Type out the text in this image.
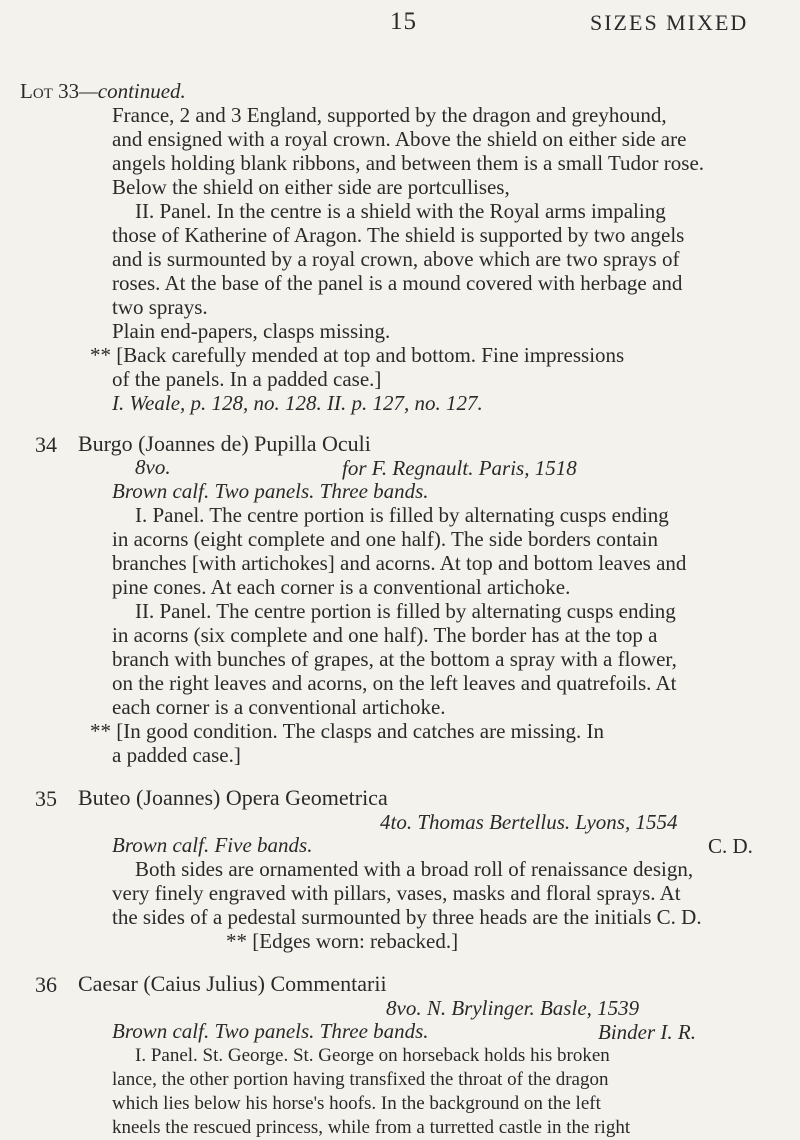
15	SIZES MIXED
Lot 33—continued.
France, 2 and 3 England, supported by the dragon and greyhound,
and ensigned with a royal crown. Above the shield on either side are
angels holding blank ribbons, and between them is a small Tudor rose.
Below the shield on either side are portcullises,
II. Panel. In the centre is a shield with the Royal arms impaling
those of Katherine of Aragon. The shield is supported by two angels
and is surmounted by a royal crown, above which are two sprays of
roses. At the base of the panel is a mound covered with herbage and
two sprays.
Plain end-papers, clasps missing.
** [Back carefully mended at top and bottom. Fine impressions
of the panels. In a padded case.]
I. Weale, p. 128, no. 128. II. p. 127, no. 127.
34 Burgo (Joannes de) Pupilla Oculi
8vo.	for F. Regnault. Paris, 1518
Brown calf. Two panels. Three bands.
I. Panel. The centre portion is filled by alternating cusps ending
in acorns (eight complete and one half). The side borders contain
branches [with artichokes] and acorns. At top and bottom leaves and
pine cones. At each corner is a conventional artichoke.
II. Panel. The centre portion is filled by alternating cusps ending
in acorns (six complete and one half). The border has at the top a
branch with bunches of grapes, at the bottom a spray with a flower,
on the right leaves and acorns, on the left leaves and quatrefoils. At
each corner is a conventional artichoke.
** [In good condition. The clasps and catches are missing. In
a padded case.]
35 Buteo (Joannes) Opera Geometrica
4to. Thomas Bertellus. Lyons, 1554
Brown calf. Five bands.	C. D.
Both sides are ornamented with a broad roll of renaissance design,
very finely engraved with pillars, vases, masks and floral sprays. At
the sides of a pedestal surmounted by three heads are the initials C. D.
** [Edges worn: rebacked.]
36 Caesar (Caius Julius) Commentarii
8vo. N. Brylinger. Basle, 1539
Brown calf. Two panels. Three bands.	Binder I. R.
I. Panel. St. George. St. George on horseback holds his broken
lance, the other portion having transfixed the throat of the dragon
which lies below his horse's hoofs. In the background on the left
kneels the rescued princess, while from a turretted castle in the right
